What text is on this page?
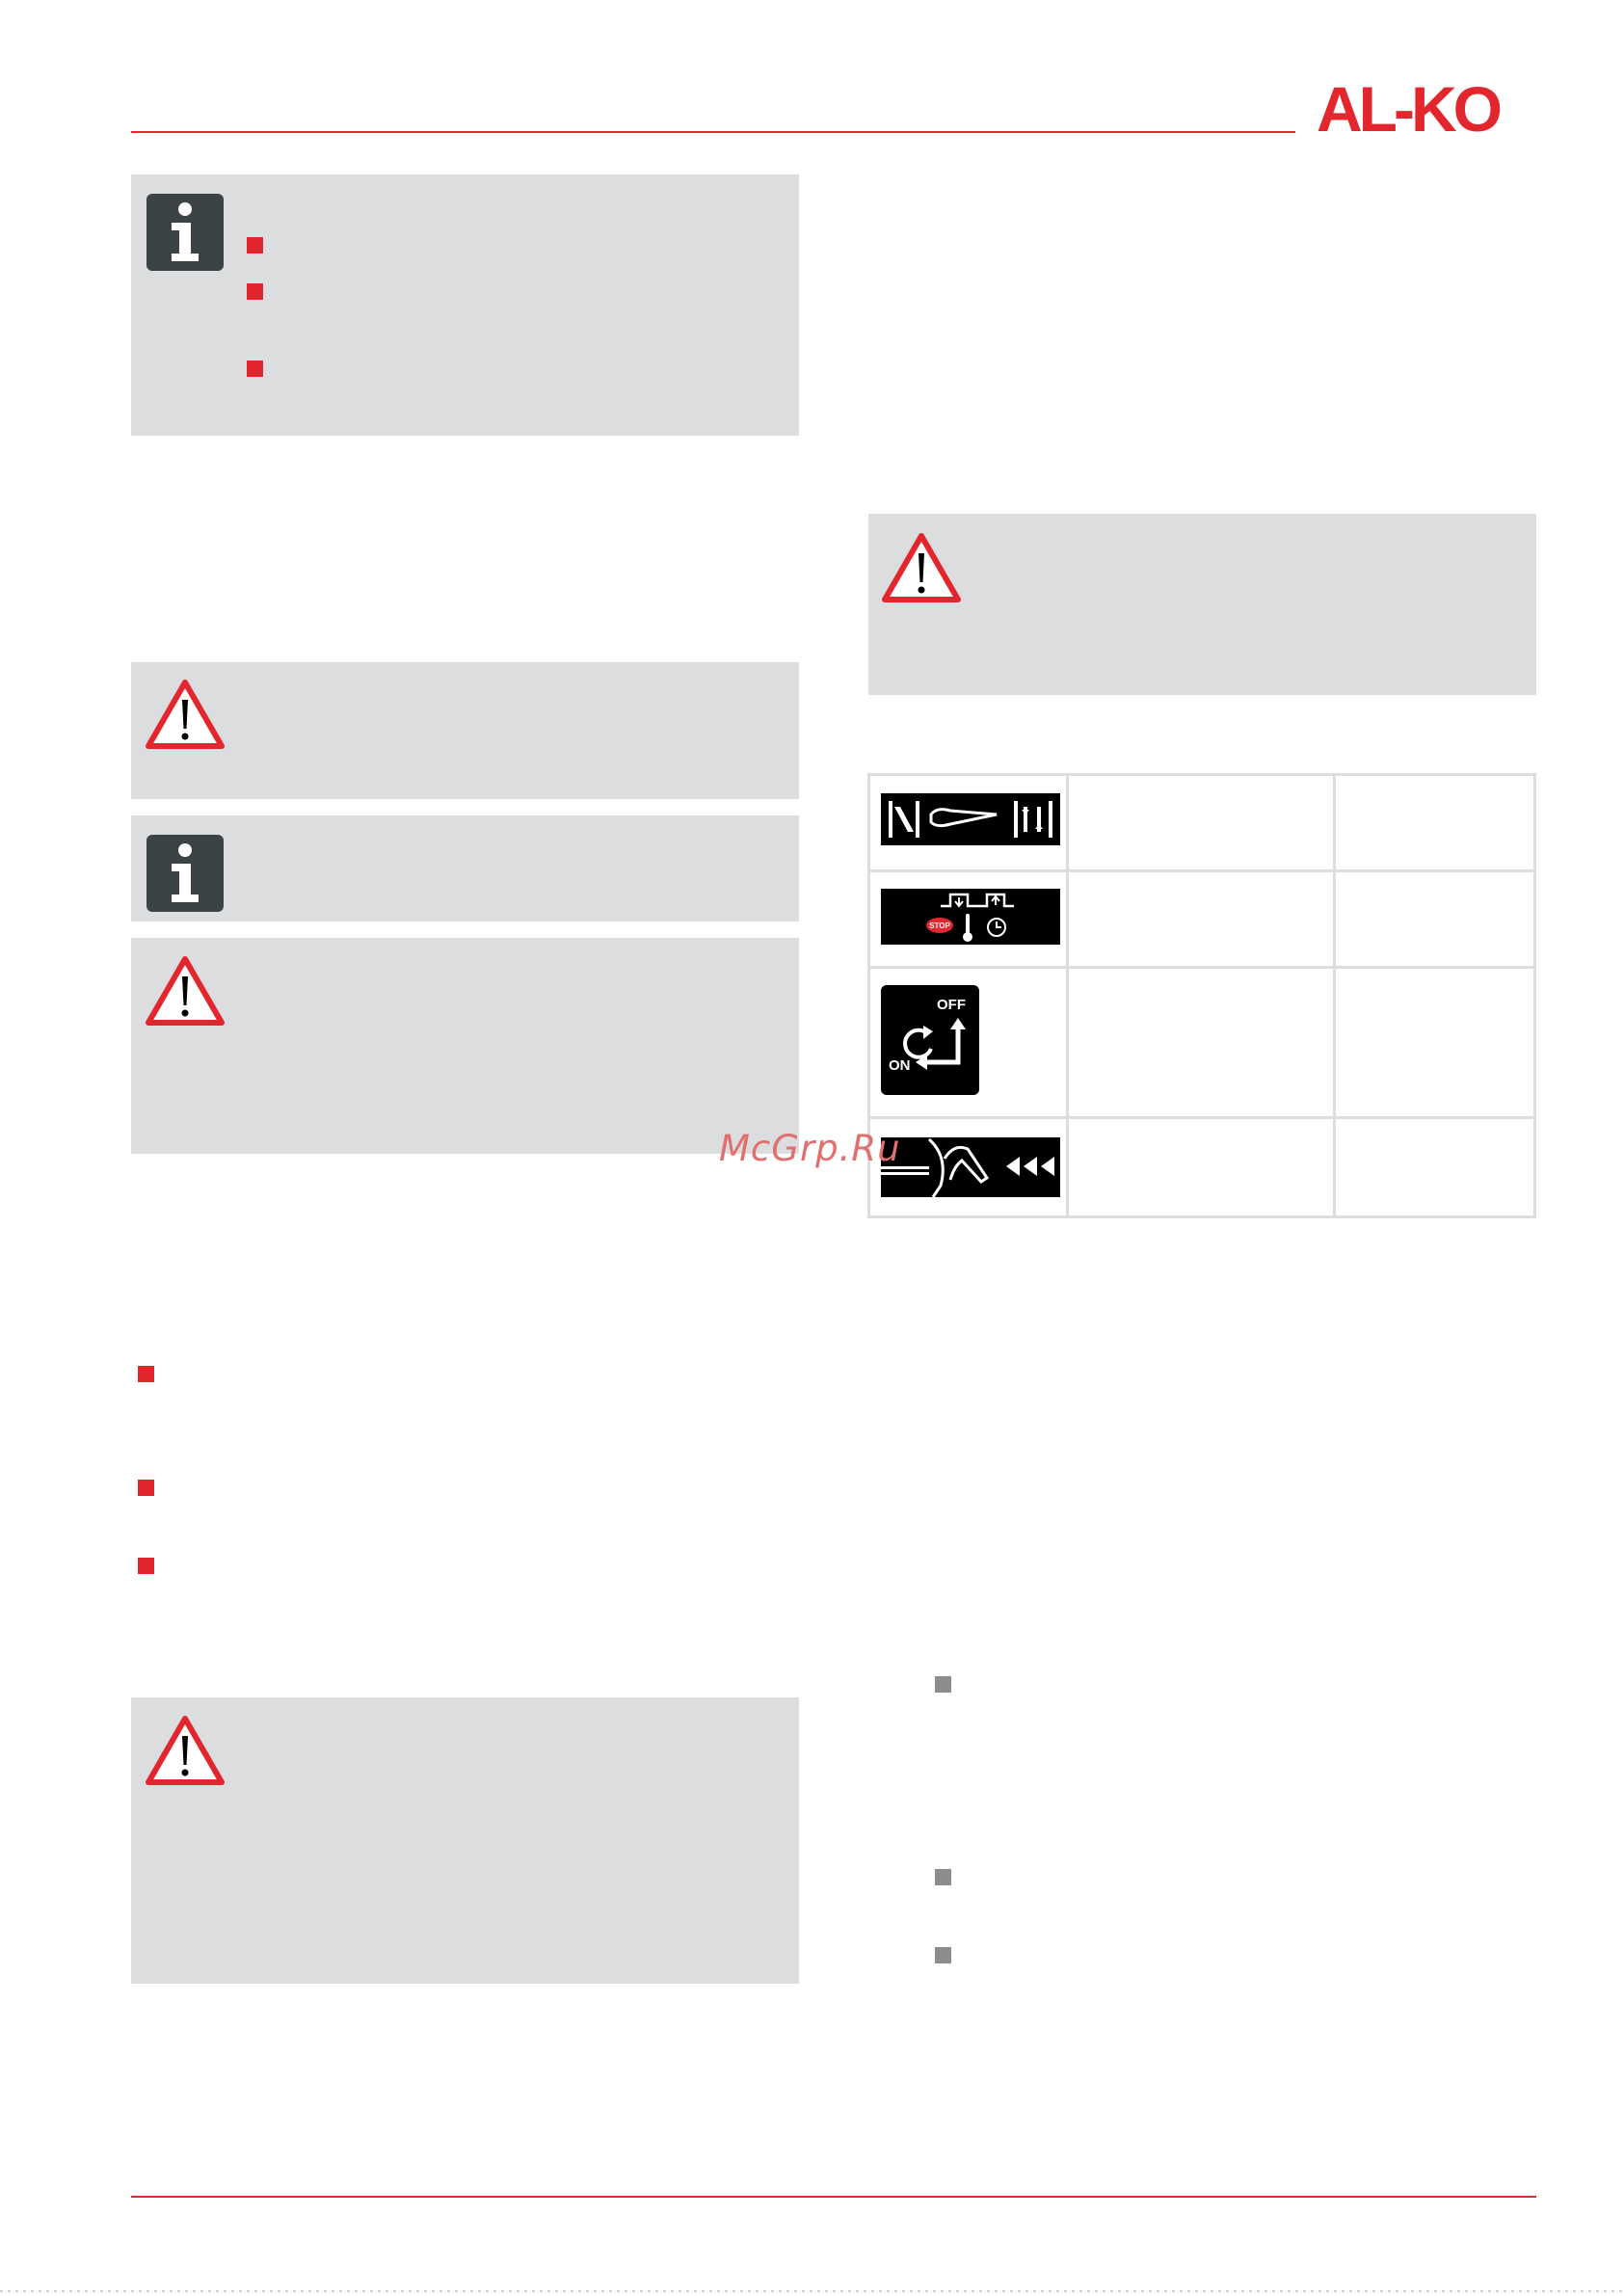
AL-KO
STOP
OFF
ON
McGrp.Ru
